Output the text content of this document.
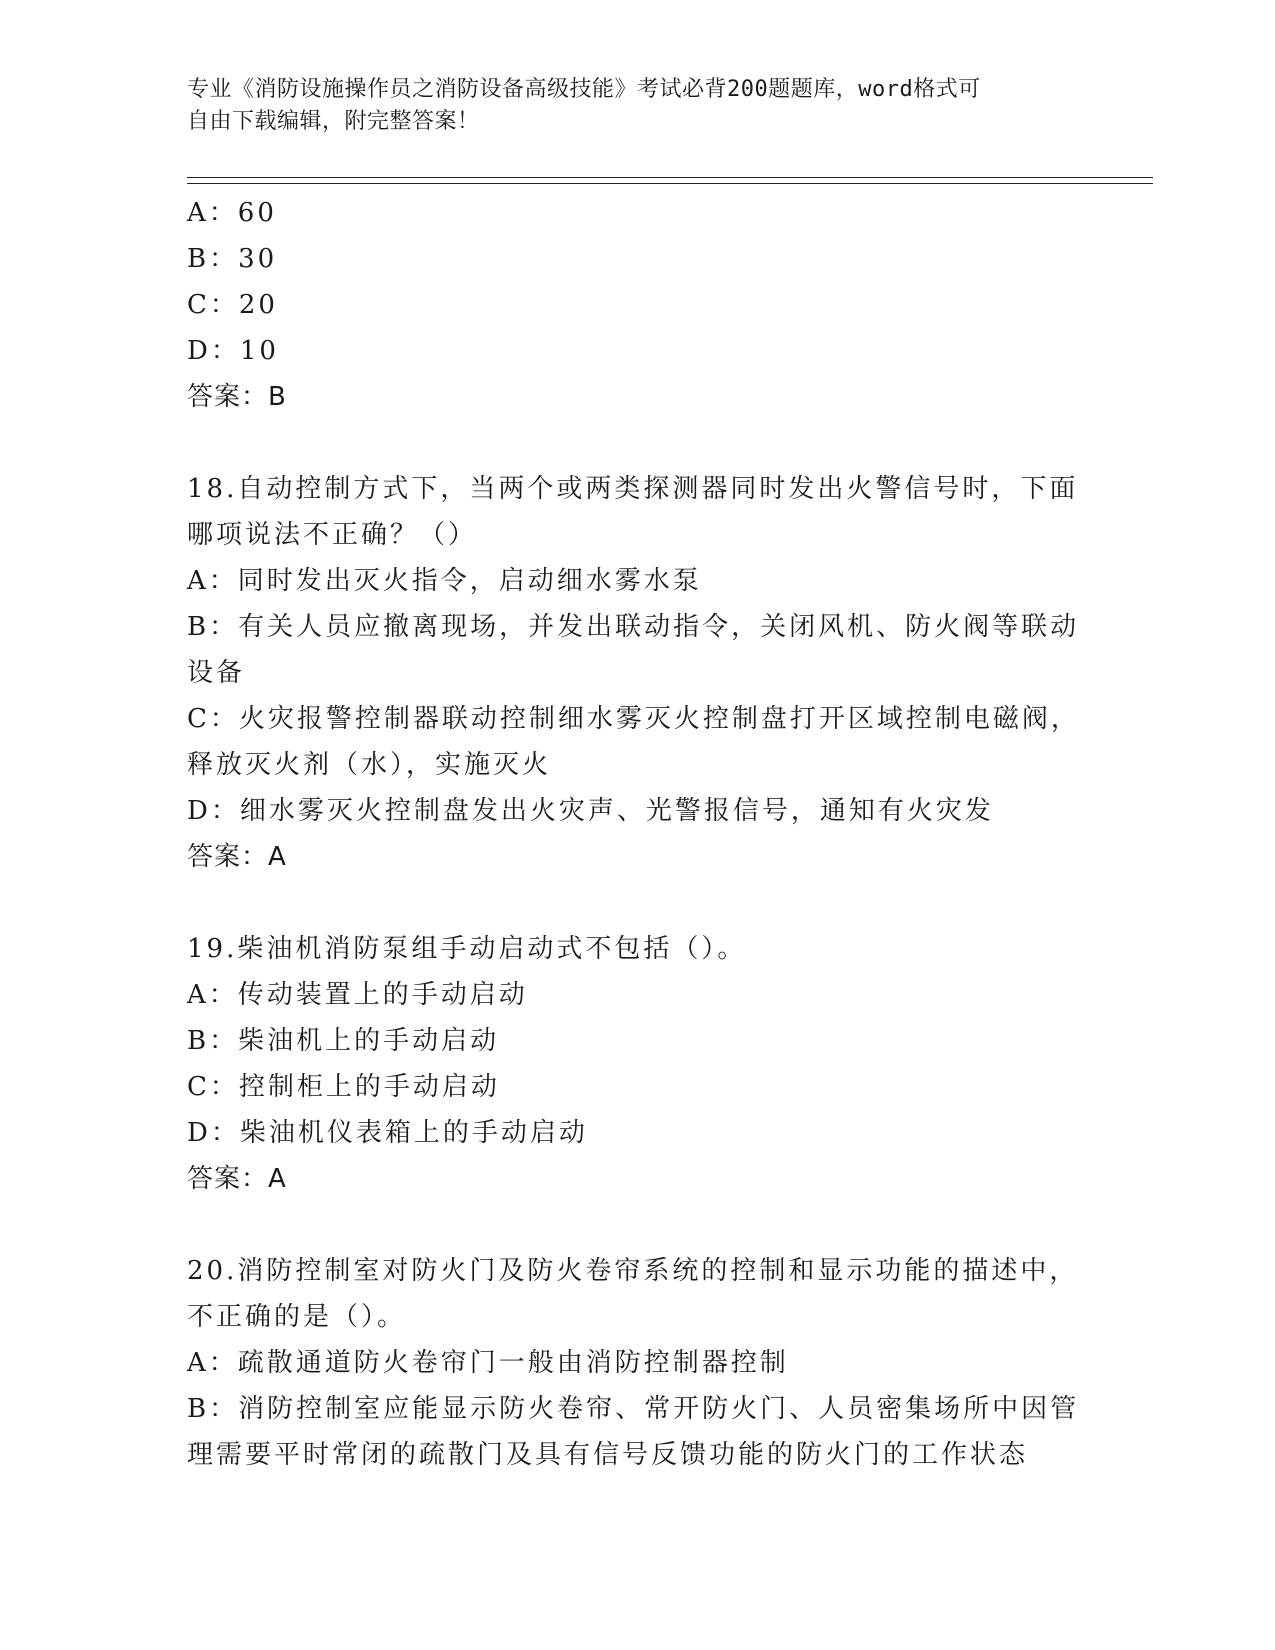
专业《消防设施操作员之消防设备高级技能》考试必背200题题库，word格式可
自由下载编辑，附完整答案！
A：60
B：30
C：20
D：10
答案：B
18.自动控制方式下，当两个或两类探测器同时发出火警信号时，下面
哪项说法不正确？（）
A：同时发出灭火指令，启动细水雾水泵
B：有关人员应撤离现场，并发出联动指令，关闭风机、防火阀等联动
设备
C：火灾报警控制器联动控制细水雾灭火控制盘打开区域控制电磁阀，
释放灭火剂（水），实施灭火
D：细水雾灭火控制盘发出火灾声、光警报信号，通知有火灾发
答案：A
19.柴油机消防泵组手动启动式不包括（）。
A：传动装置上的手动启动
B：柴油机上的手动启动
C：控制柜上的手动启动
D：柴油机仪表箱上的手动启动
答案：A
20.消防控制室对防火门及防火卷帘系统的控制和显示功能的描述中，
不正确的是（）。
A：疏散通道防火卷帘门一般由消防控制器控制
B：消防控制室应能显示防火卷帘、常开防火门、人员密集场所中因管
理需要平时常闭的疏散门及具有信号反馈功能的防火门的工作状态
